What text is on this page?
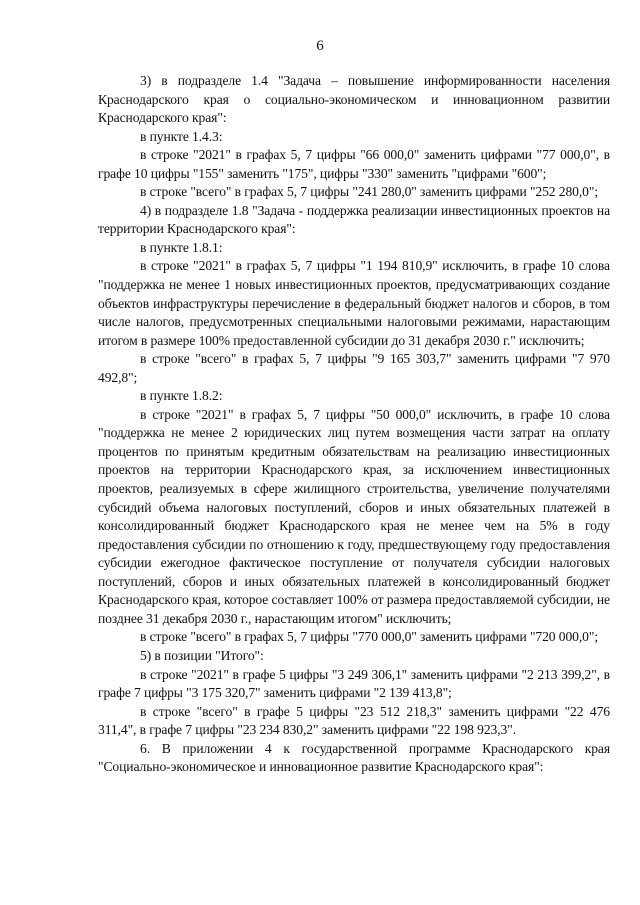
6

3) в подразделе 1.4 "Задача – повышение информированности населения Краснодарского края о социально-экономическом и инновационном развитии Краснодарского края":

в пункте 1.4.3:

в строке "2021" в графах 5, 7 цифры "66 000,0" заменить цифрами "77 000,0", в графе 10 цифры "155" заменить "175", цифры "330" заменить "цифрами "600";

в строке "всего" в графах 5, 7 цифры "241 280,0" заменить цифрами "252 280,0";

4) в подразделе 1.8 "Задача - поддержка реализации инвестиционных проектов на территории Краснодарского края":

в пункте 1.8.1:

в строке "2021" в графах 5, 7 цифры "1 194 810,9" исключить, в графе 10 слова "поддержка не менее 1 новых инвестиционных проектов, предусматривающих создание объектов инфраструктуры перечисление в федеральный бюджет налогов и сборов, в том числе налогов, предусмотренных специальными налоговыми режимами, нарастающим итогом в размере 100% предоставленной субсидии до 31 декабря 2030 г." исключить;

в строке "всего" в графах 5, 7 цифры "9 165 303,7" заменить цифрами "7 970 492,8";

в пункте 1.8.2:

в строке "2021" в графах 5, 7 цифры "50 000,0" исключить, в графе 10 слова "поддержка не менее 2 юридических лиц путем возмещения части затрат на оплату процентов по принятым кредитным обязательствам на реализацию инвестиционных проектов на территории Краснодарского края, за исключением инвестиционных проектов, реализуемых в сфере жилищного строительства, увеличение получателями субсидий объема налоговых поступлений, сборов и иных обязательных платежей в консолидированный бюджет Краснодарского края не менее чем на 5% в году предоставления субсидии по отношению к году, предшествующему году предоставления субсидии ежегодное фактическое поступление от получателя субсидии налоговых поступлений, сборов и иных обязательных платежей в консолидированный бюджет Краснодарского края, которое составляет 100% от размера предоставляемой субсидии, не позднее 31 декабря 2030 г., нарастающим итогом" исключить;

в строке "всего" в графах 5, 7 цифры "770 000,0" заменить цифрами "720 000,0";

5) в позиции "Итого":

в строке "2021" в графе 5 цифры "3 249 306,1" заменить цифрами "2 213 399,2", в графе 7 цифры "3 175 320,7" заменить цифрами "2 139 413,8";

в строке "всего" в графе 5 цифры "23 512 218,3" заменить цифрами "22 476 311,4", в графе 7 цифры "23 234 830,2" заменить цифрами "22 198 923,3".

6. В приложении 4 к государственной программе Краснодарского края "Социально-экономическое и инновационное развитие Краснодарского края":
